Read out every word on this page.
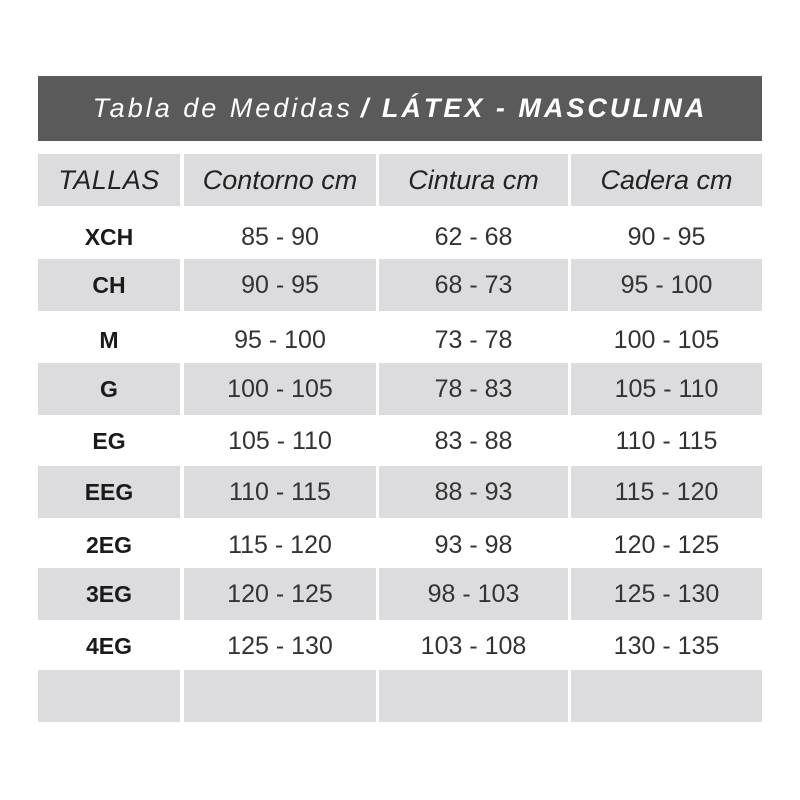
Tabla de Medidas / LÁTEX - MASCULINA
TALLAS	Contorno cm	Cintura cm	Cadera cm
XCH	85 - 90	62 - 68	90 - 95
CH	90 - 95	68 - 73	95 - 100
M	95 - 100	73 - 78	100 - 105
G	100 - 105	78 - 83	105 - 110
EG	105 - 110	83 - 88	110 - 115
EEG	110 - 115	88 - 93	115 - 120
2EG	115 - 120	93 - 98	120 - 125
3EG	120 - 125	98 - 103	125 - 130
4EG	125 - 130	103 - 108	130 - 135
